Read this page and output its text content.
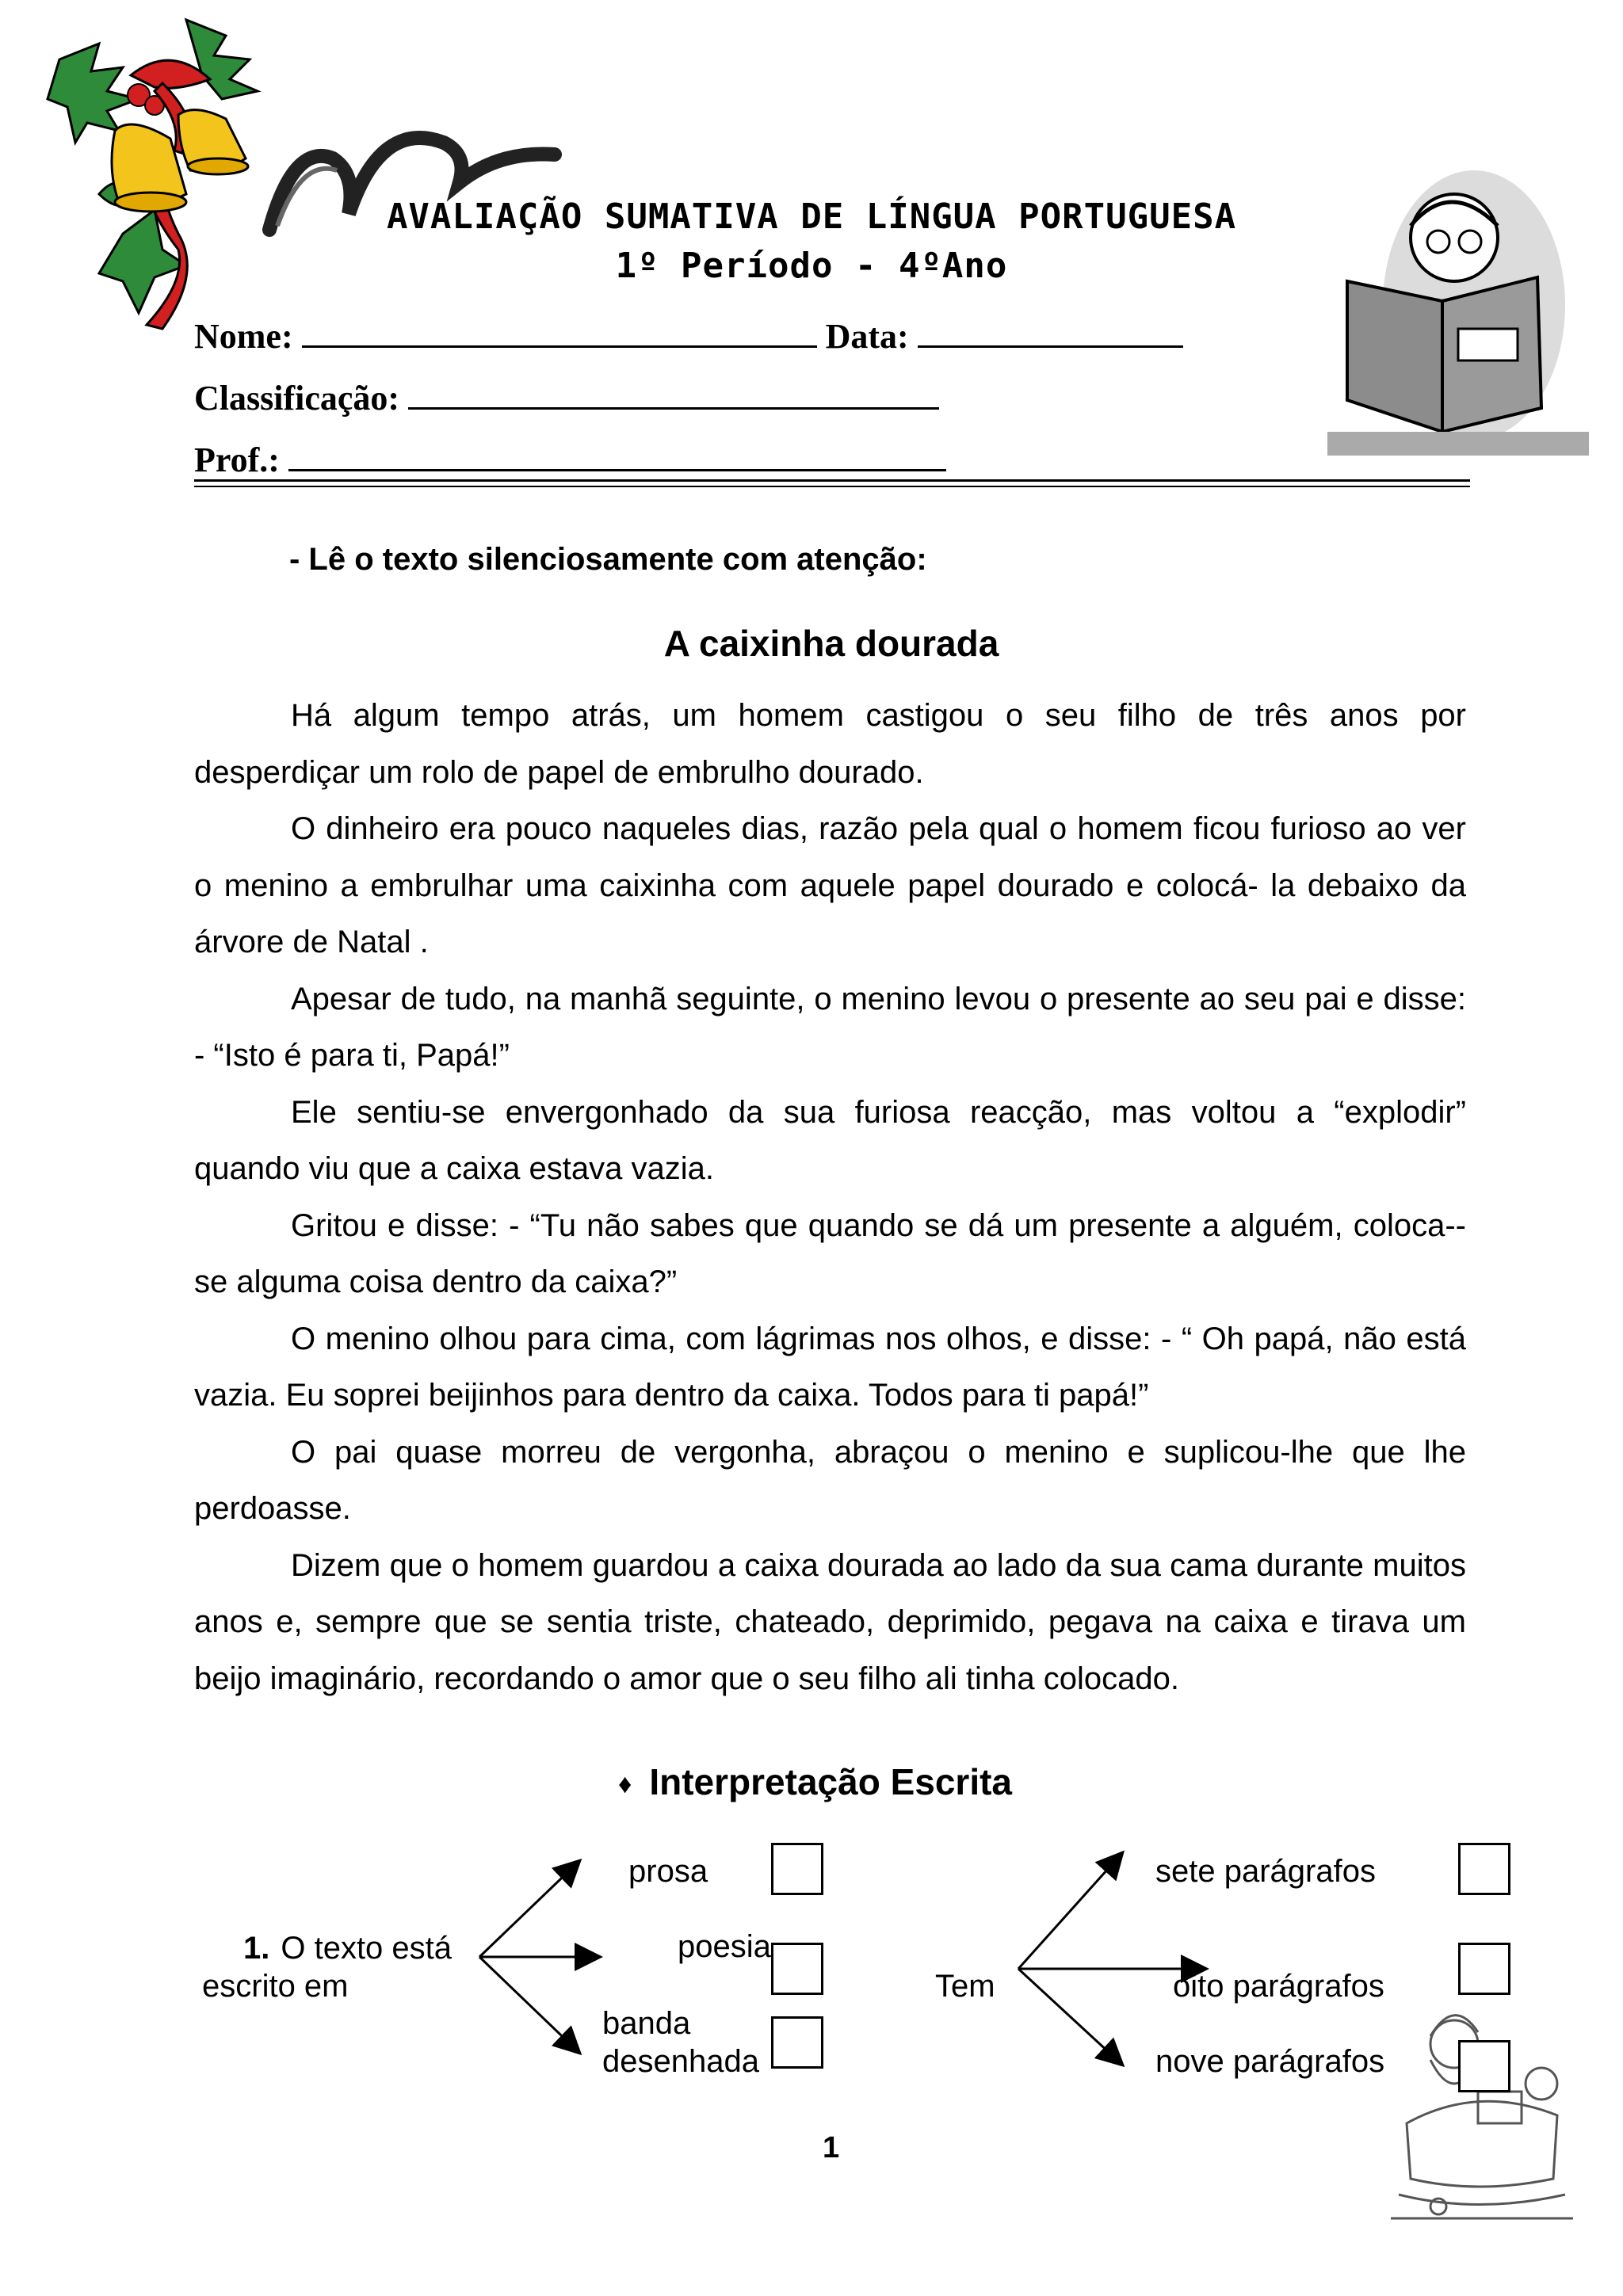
AVALIAÇÃO SUMATIVA DE LÍNGUA PORTUGUESA
1º Período - 4ºAno
Nome:	Data:
Classificação:
Prof.:
- Lê o texto silenciosamente com atenção:
A caixinha dourada

Há algum tempo atrás, um homem castigou o seu filho de três anos por desperdiçar um rolo de papel de embrulho dourado.

O dinheiro era pouco naqueles dias, razão pela qual o homem ficou furioso ao ver o menino a embrulhar uma caixinha com aquele papel dourado e colocá- la debaixo da árvore de Natal .

Apesar de tudo, na manhã seguinte, o menino levou o presente ao seu pai e disse: - “Isto é para ti, Papá!”

Ele sentiu-se envergonhado da sua furiosa reacção, mas voltou a “explodir” quando viu que a caixa estava vazia.

Gritou e disse: - “Tu não sabes que quando se dá um presente a alguém, coloca--se alguma coisa dentro da caixa?”

O menino olhou para cima, com lágrimas nos olhos, e disse: - “ Oh papá, não está vazia. Eu soprei beijinhos para dentro da caixa. Todos para ti papá!”

O pai quase morreu de vergonha, abraçou o menino e suplicou-lhe que lhe perdoasse.

Dizem que o homem guardou a caixa dourada ao lado da sua cama durante muitos anos e, sempre que se sentia triste, chateado, deprimido, pegava na caixa e tirava um beijo imaginário, recordando o amor que o seu filho ali tinha colocado.

♦ Interpretação Escrita
1. O texto está
escrito em
prosa
poesia
banda
desenhada
Tem
sete parágrafos
oito parágrafos
nove parágrafos
1
